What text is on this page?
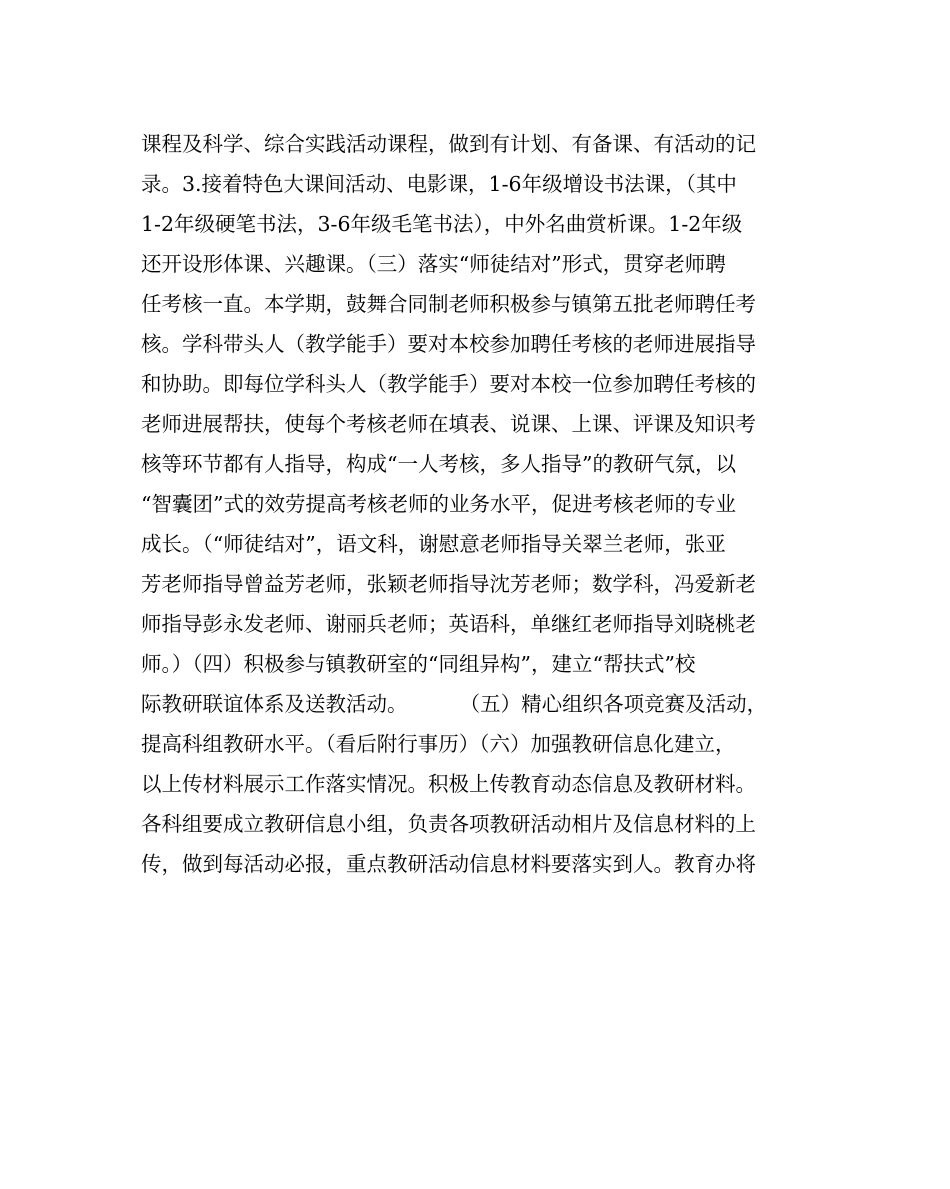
课程及科学、综合实践活动课程，做到有计划、有备课、有活动的记
录。3.接着特色大课间活动、电影课，1-6年级增设书法课，（其中
1-2年级硬笔书法，3-6年级毛笔书法），中外名曲赏析课。1-2年级
还开设形体课、兴趣课。（三）落实“师徒结对”形式，贯穿老师聘
任考核一直。本学期，鼓舞合同制老师积极参与镇第五批老师聘任考
核。学科带头人（教学能手）要对本校参加聘任考核的老师进展指导
和协助。即每位学科头人（教学能手）要对本校一位参加聘任考核的
老师进展帮扶，使每个考核老师在填表、说课、上课、评课及知识考
核等环节都有人指导，构成“一人考核，多人指导”的教研气氛，以
“智囊团”式的效劳提高考核老师的业务水平，促进考核老师的专业
成长。（“师徒结对”，语文科，谢慰意老师指导关翠兰老师，张亚
芳老师指导曾益芳老师，张颖老师指导沈芳老师；数学科，冯爱新老
师指导彭永发老师、谢丽兵老师；英语科，单继红老师指导刘晓桃老
师。）（四）积极参与镇教研室的“同组异构”，建立“帮扶式”校
际教研联谊体系及送教活动。        （五）精心组织各项竞赛及活动，
提高科组教研水平。（看后附行事历）（六）加强教研信息化建立，
以上传材料展示工作落实情况。积极上传教育动态信息及教研材料。
各科组要成立教研信息小组，负责各项教研活动相片及信息材料的上
传，做到每活动必报，重点教研活动信息材料要落实到人。教育办将
